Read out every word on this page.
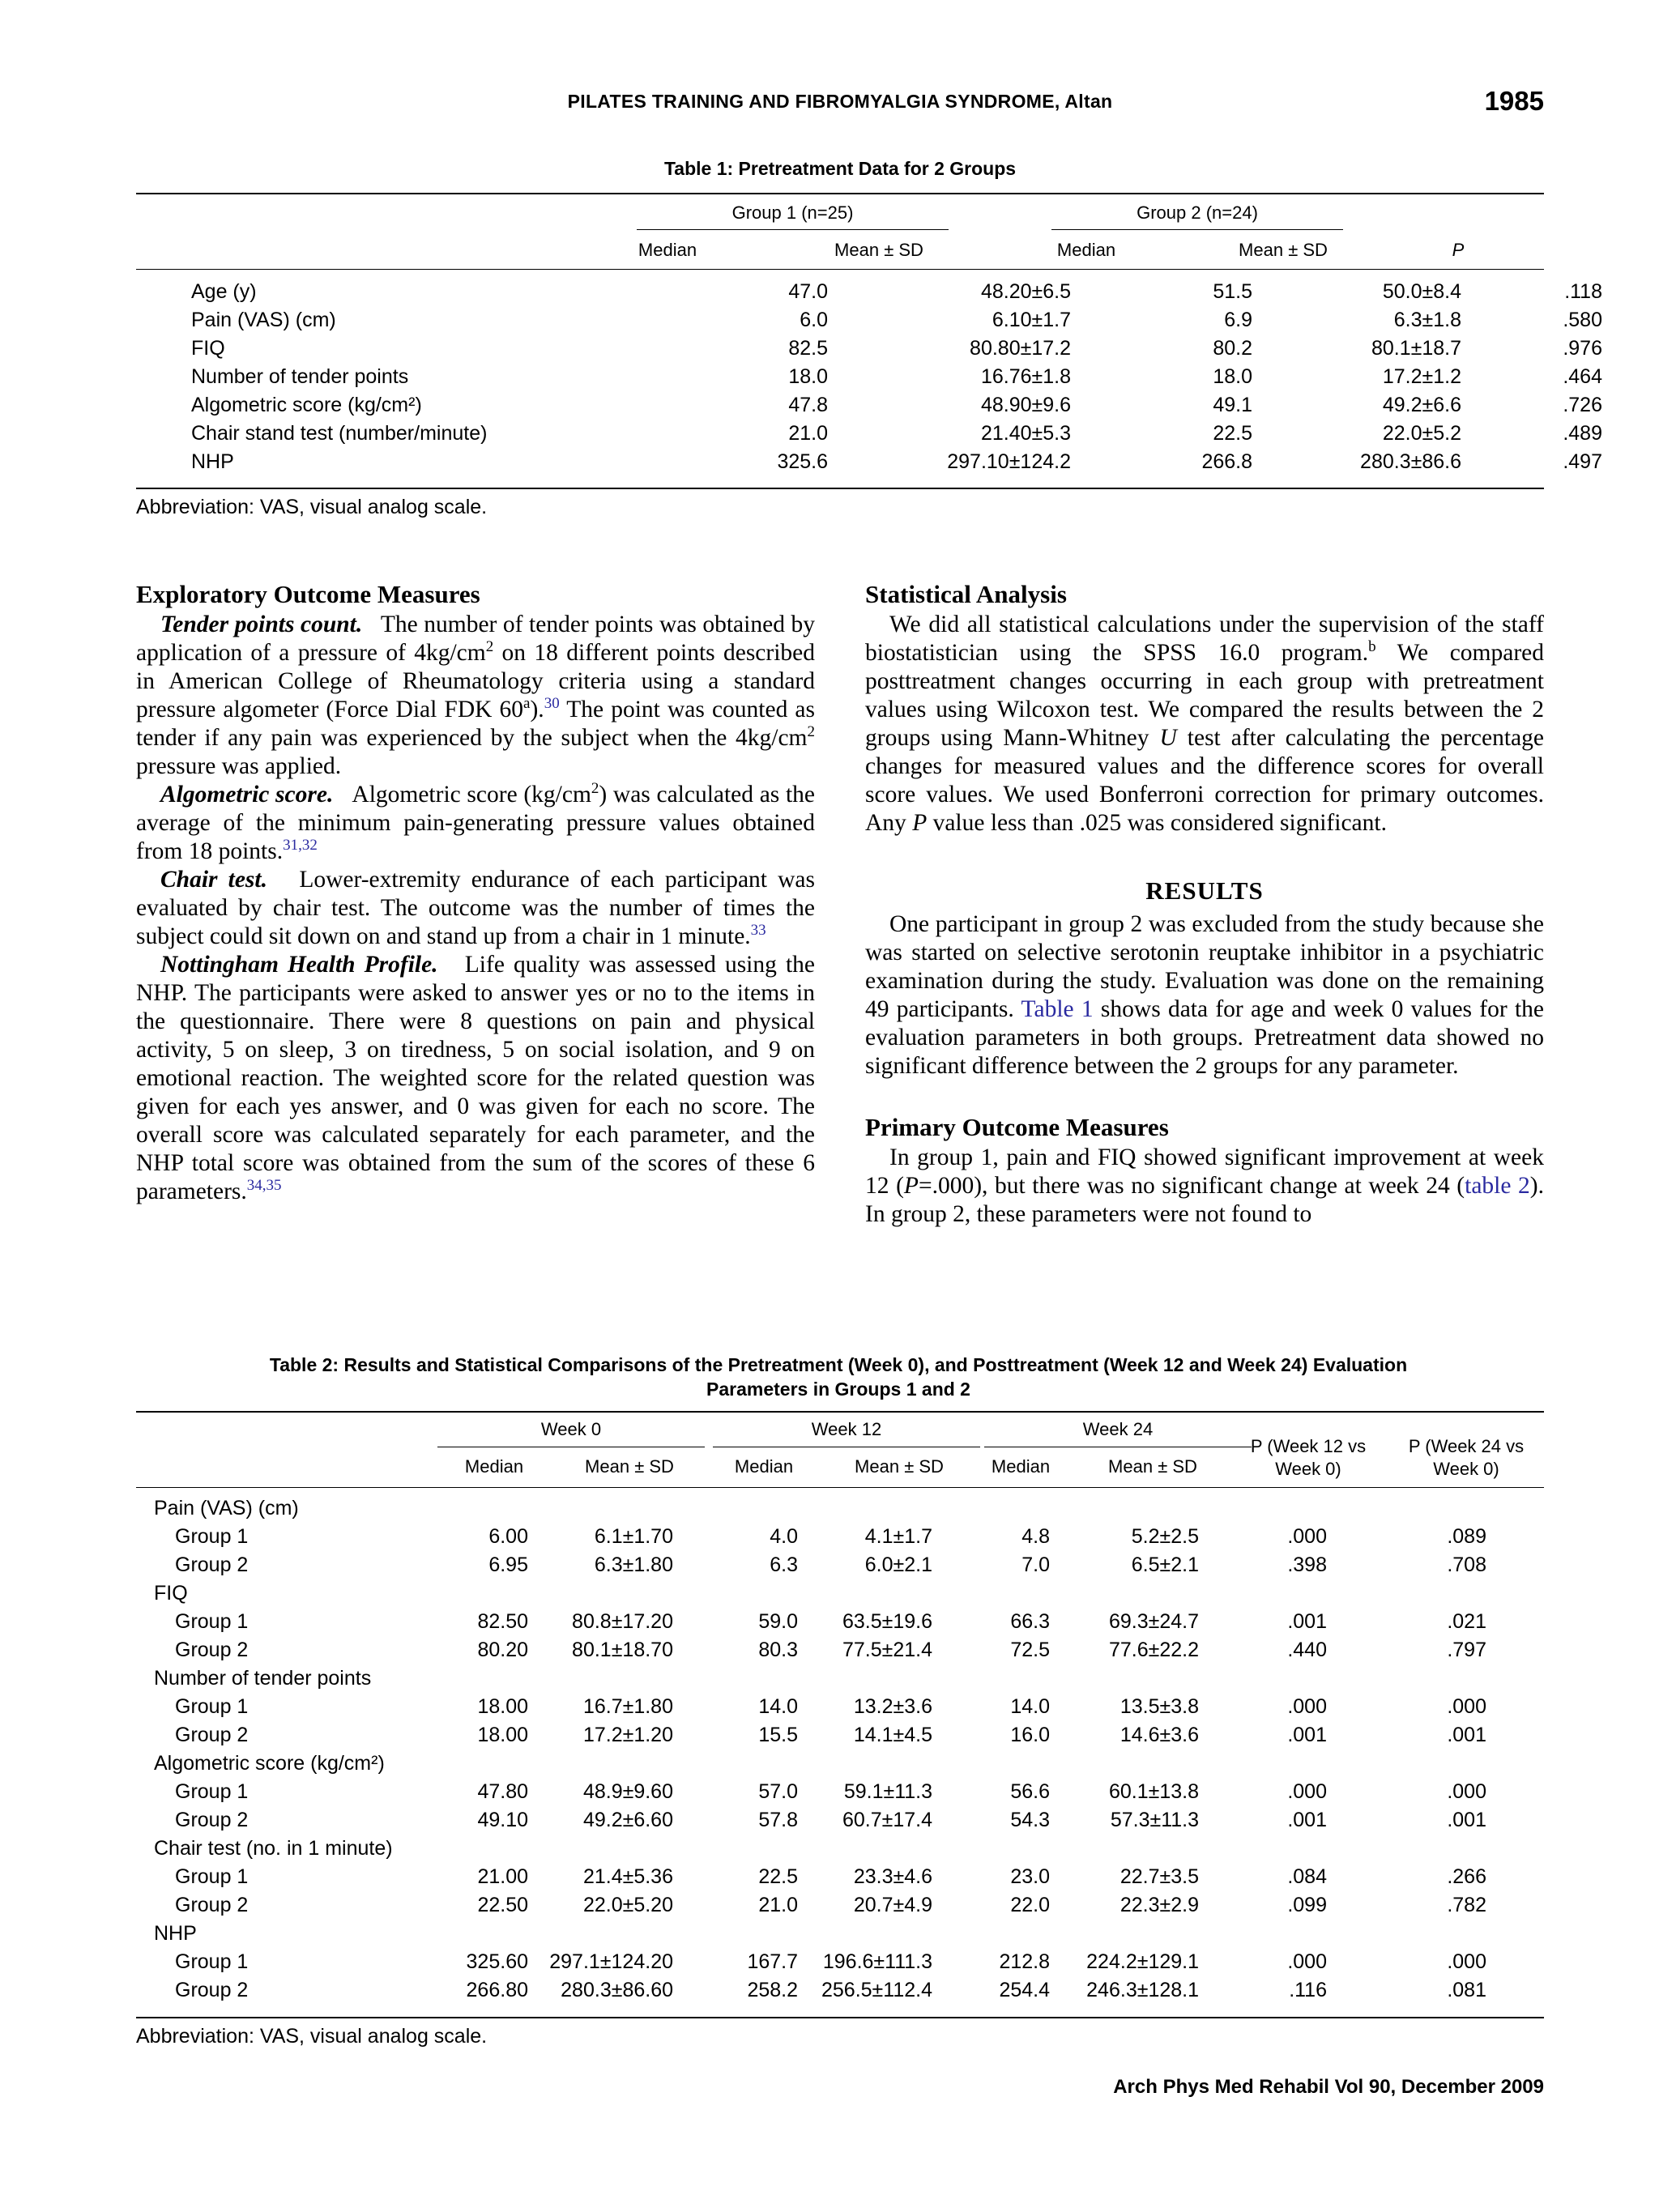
PILATES TRAINING AND FIBROMYALGIA SYNDROME, Altan	1985
Table 1: Pretreatment Data for 2 Groups
Group 1 (n=25)	Group 2 (n=24)
Median	Mean ± SD	Median	Mean ± SD	P
Age (y)	47.0	48.20±6.5	51.5	50.0±8.4	.118
Pain (VAS) (cm)	6.0	6.10±1.7	6.9	6.3±1.8	.580
FIQ	82.5	80.80±17.2	80.2	80.1±18.7	.976
Number of tender points	18.0	16.76±1.8	18.0	17.2±1.2	.464
Algometric score (kg/cm²)	47.8	48.90±9.6	49.1	49.2±6.6	.726
Chair stand test (number/minute)	21.0	21.40±5.3	22.5	22.0±5.2	.489
NHP	325.6	297.10±124.2	266.8	280.3±86.6	.497
Abbreviation: VAS, visual analog scale.
Exploratory Outcome Measures

Tender points count. The number of tender points was obtained by application of a pressure of $4kg/cm^2$ on 18 different points described in American College of Rheumatology criteria using a standard pressure algometer (Force Dial FDK 60$^a$).$^{30}$ The point was counted as tender if any pain was experienced by the subject when the $4kg/cm^2$ pressure was applied.

Algometric score. Algometric score $(kg/cm^2)$ was calculated as the average of the minimum pain-generating pressure values obtained from 18 points.$^{31,32}$

Chair test. Lower-extremity endurance of each participant was evaluated by chair test. The outcome was the number of times the subject could sit down on and stand up from a chair in 1 minute.$^{33}$

Nottingham Health Profile. Life quality was assessed using the NHP. The participants were asked to answer yes or no to the items in the questionnaire. There were 8 questions on pain and physical activity, 5 on sleep, 3 on tiredness, 5 on social isolation, and 9 on emotional reaction. The weighted score for the related question was given for each yes answer, and 0 was given for each no score. The overall score was calculated separately for each parameter, and the NHP total score was obtained from the sum of the scores of these 6 parameters.$^{34,35}$

Statistical Analysis

We did all statistical calculations under the supervision of the staff biostatistician using the SPSS 16.0 program.$^b$ We compared posttreatment changes occurring in each group with pretreatment values using Wilcoxon test. We compared the results between the 2 groups using Mann-Whitney U test after calculating the percentage changes for measured values and the difference scores for overall score values. We used Bonferroni correction for primary outcomes. Any P value less than .025 was considered significant.

RESULTS

One participant in group 2 was excluded from the study because she was started on selective serotonin reuptake inhibitor in a psychiatric examination during the study. Evaluation was done on the remaining 49 participants. Table 1 shows data for age and week 0 values for the evaluation parameters in both groups. Pretreatment data showed no significant difference between the 2 groups for any parameter.

Primary Outcome Measures

In group 1, pain and FIQ showed significant improvement at week 12 (P=.000), but there was no significant change at week 24 (table 2). In group 2, these parameters were not found to

Table 2: Results and Statistical Comparisons of the Pretreatment (Week 0), and Posttreatment (Week 12 and Week 24) Evaluation
Parameters in Groups 1 and 2
Week 0	Week 12	Week 24
Median	Mean ± SD	Median	Mean ± SD	Median	Mean ± SD
P (Week 12 vs
Week 0)
P (Week 24 vs
Week 0)
Pain (VAS) (cm)
Group 1	6.00	6.1±1.70	4.0	4.1±1.7	4.8	5.2±2.5	.000	.089
Group 2	6.95	6.3±1.80	6.3	6.0±2.1	7.0	6.5±2.1	.398	.708
FIQ
Group 1	82.50 80.8±17.20	59.0 63.5±19.6	66.3	69.3±24.7	.001	.021
Group 2	80.20 80.1±18.70	80.3 77.5±21.4	72.5	77.6±22.2	.440	.797
Number of tender points
Group 1	18.00	16.7±1.80	14.0	13.2±3.6	14.0	13.5±3.8	.000	.000
Group 2	18.00	17.2±1.20	15.5	14.1±4.5	16.0	14.6±3.6	.001	.001
Algometric score (kg/cm²)
Group 1	47.80	48.9±9.60	57.0 59.1±11.3	56.6	60.1±13.8	.000	.000
Group 2	49.10	49.2±6.60	57.8 60.7±17.4	54.3	57.3±11.3	.001	.001
Chair test (no. in 1 minute)
Group 1	21.00	21.4±5.36	22.5	23.3±4.6	23.0	22.7±3.5	.084	.266
Group 2	22.50	22.0±5.20	21.0	20.7±4.9	22.0	22.3±2.9	.099	.782
NHP
Group 1	325.60 297.1±124.20	167.7 196.6±111.3	212.8 224.2±129.1	.000	.000
Group 2	266.80 280.3±86.60	258.2 256.5±112.4	254.4 246.3±128.1	.116	.081
Abbreviation: VAS, visual analog scale.
Arch Phys Med Rehabil Vol 90, December 2009
